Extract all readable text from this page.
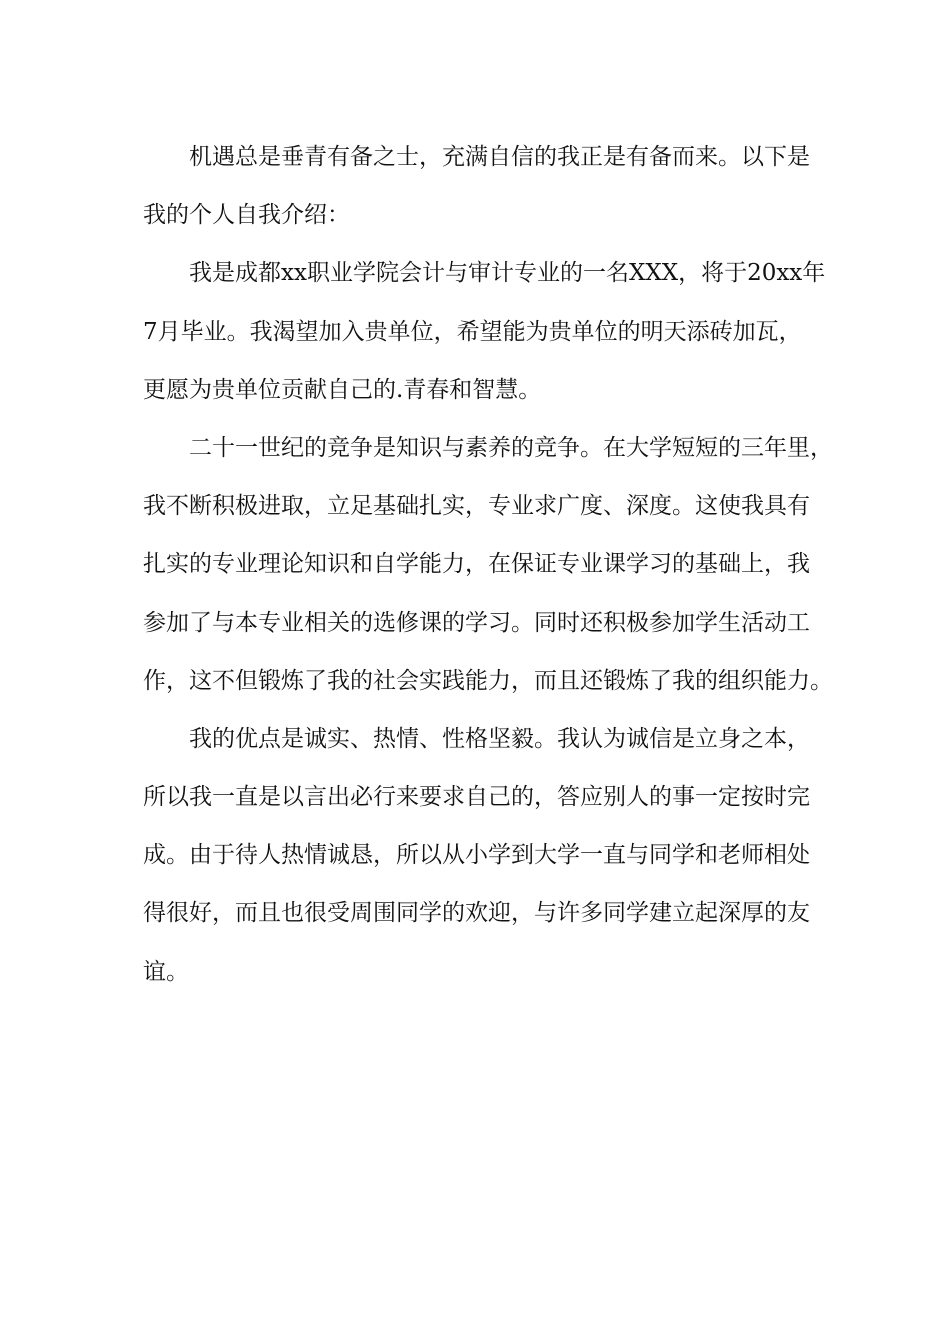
机遇总是垂青有备之士，充满自信的我正是有备而来。以下是
我的个人自我介绍：
我是成都xx职业学院会计与审计专业的一名XXX，将于20xx年
7月毕业。我渴望加入贵单位，希望能为贵单位的明天添砖加瓦，
更愿为贵单位贡献自己的.青春和智慧。
二十一世纪的竞争是知识与素养的竞争。在大学短短的三年里，
我不断积极进取，立足基础扎实，专业求广度、深度。这使我具有
扎实的专业理论知识和自学能力，在保证专业课学习的基础上，我
参加了与本专业相关的选修课的学习。同时还积极参加学生活动工
作，这不但锻炼了我的社会实践能力，而且还锻炼了我的组织能力。
我的优点是诚实、热情、性格坚毅。我认为诚信是立身之本，
所以我一直是以言出必行来要求自己的，答应别人的事一定按时完
成。由于待人热情诚恳，所以从小学到大学一直与同学和老师相处
得很好，而且也很受周围同学的欢迎，与许多同学建立起深厚的友
谊。
